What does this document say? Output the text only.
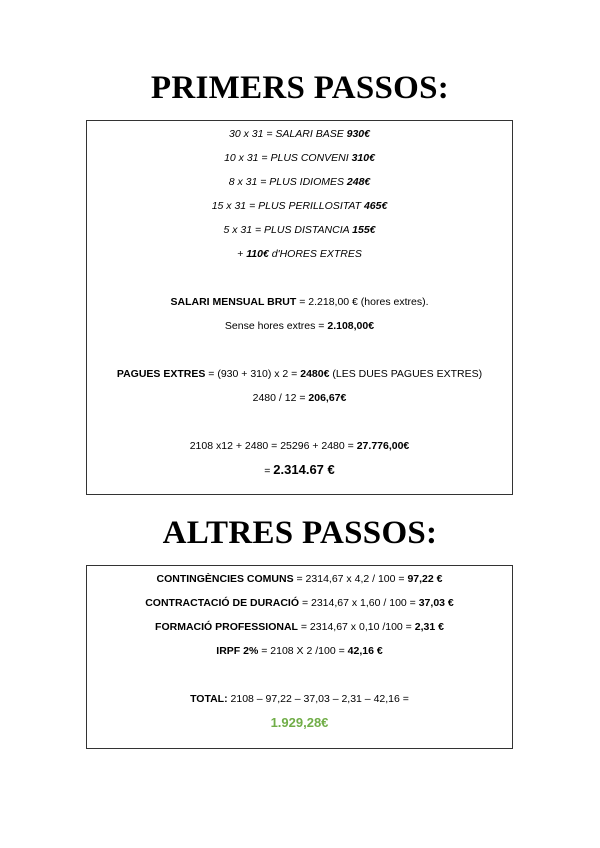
PRIMERS PASSOS:
30 x 31 = SALARI BASE 930€
10 x 31 = PLUS CONVENI 310€
8 x 31 = PLUS IDIOMES 248€
15 x 31 = PLUS PERILLOSITAT 465€
5 x 31 = PLUS DISTANCIA 155€
+ 110€ d'HORES EXTRES
SALARI MENSUAL BRUT = 2.218,00 € (hores extres).
Sense hores extres = 2.108,00€
PAGUES EXTRES = (930 + 310) x 2 = 2480€ (LES DUES PAGUES EXTRES)
2480 / 12 = 206,67€
2108 x12 + 2480 = 25296 + 2480 = 27.776,00€
= 2.314.67 €
ALTRES PASSOS:
CONTINGÈNCIES COMUNS = 2314,67 x 4,2 / 100 = 97,22 €
CONTRACTACIÓ DE DURACIÓ = 2314,67 x 1,60 / 100 = 37,03 €
FORMACIÓ PROFESSIONAL = 2314,67 x 0,10 /100 = 2,31 €
IRPF 2% = 2108 X 2 /100 = 42,16 €
TOTAL: 2108 – 97,22 – 37,03 – 2,31 – 42,16 =
1.929,28€
